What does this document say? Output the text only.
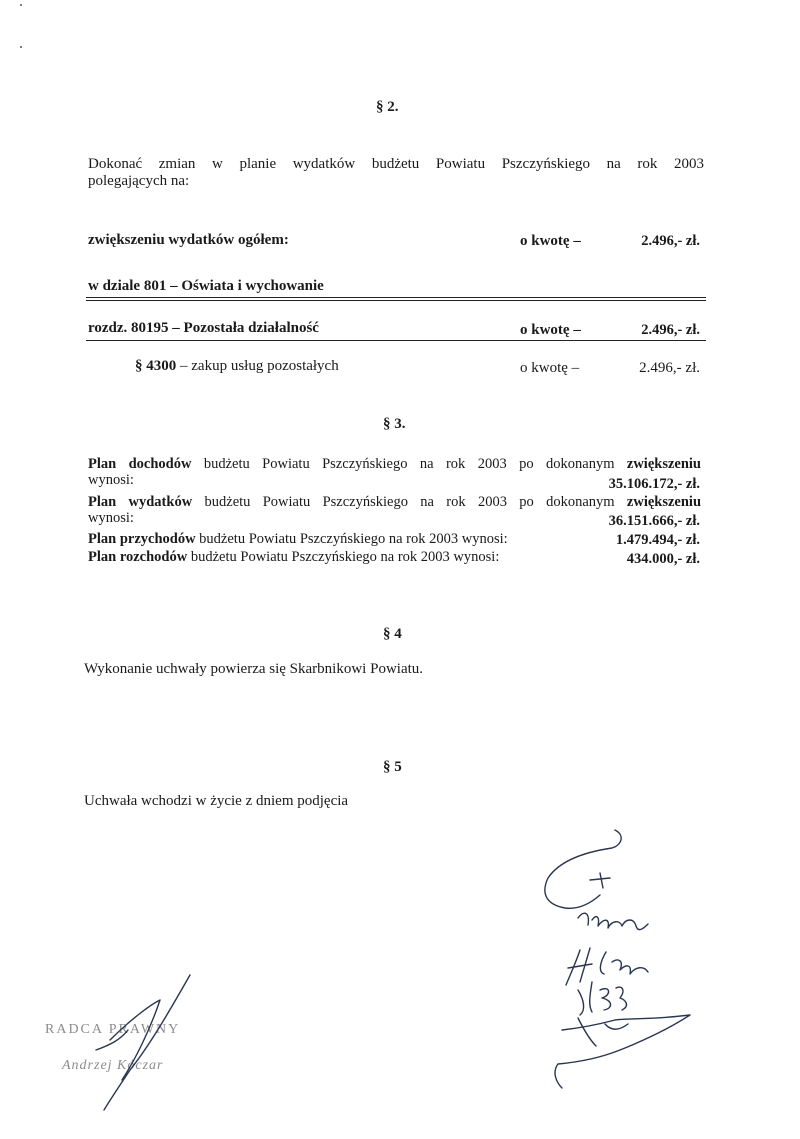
§ 2.
Dokonać zmian w planie wydatków budżetu Powiatu Pszczyńskiego na rok 2003
polegających na:
zwiększeniu wydatków ogółem:	o kwotę –	2.496,- zł.
w dziale 801 – Oświata i wychowanie
rozdz. 80195 – Pozostała działalność	o kwotę –	2.496,- zł.
§ 4300 – zakup usług pozostałych	o kwotę –	2.496,- zł.
§ 3.
Plan dochodów budżetu Powiatu Pszczyńskiego na rok 2003 po dokonanym zwiększeniu
wynosi:	35.106.172,- zł.
Plan wydatków budżetu Powiatu Pszczyńskiego na rok 2003 po dokonanym zwiększeniu
wynosi:	36.151.666,- zł.
Plan przychodów budżetu Powiatu Pszczyńskiego na rok 2003 wynosi:	1.479.494,- zł.
Plan rozchodów budżetu Powiatu Pszczyńskiego na rok 2003 wynosi:	434.000,- zł.
§ 4
Wykonanie uchwały powierza się Skarbnikowi Powiatu.
§ 5
Uchwała wchodzi w życie z dniem podjęcia
RADCA PRAWNY
Andrzej Kóczar
